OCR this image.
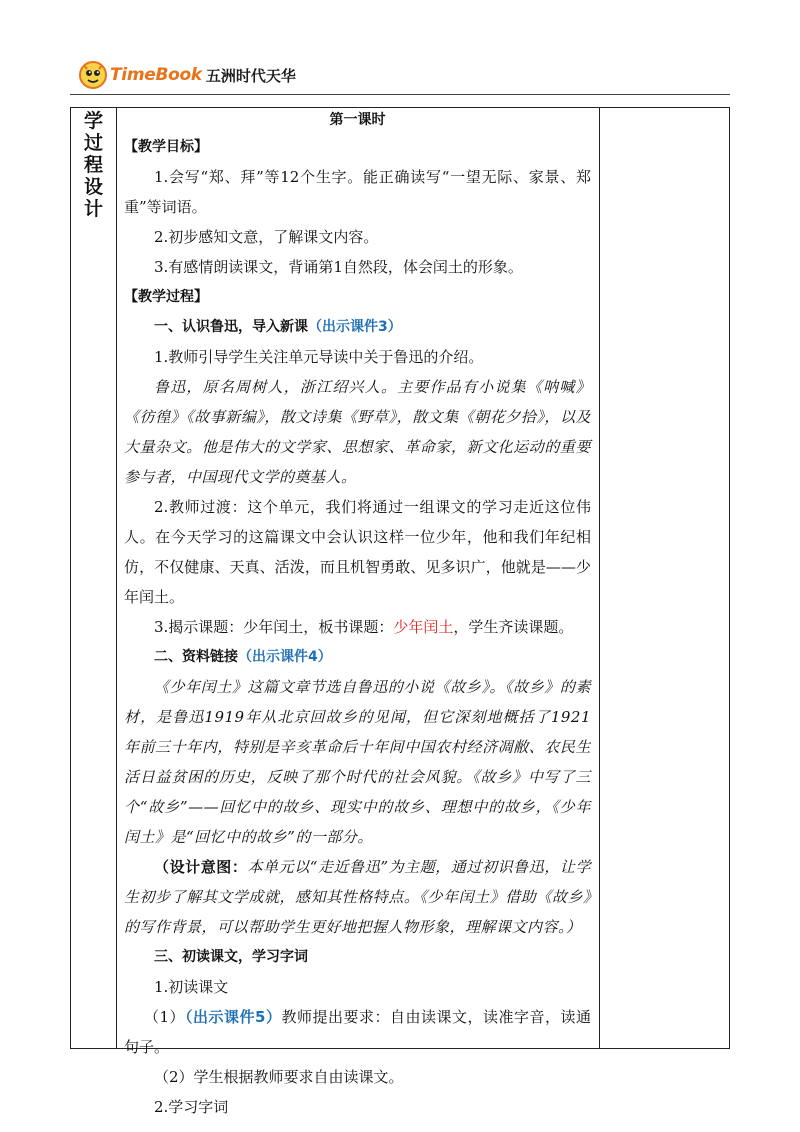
TimeBook 五洲时代天华
学
过
程
设
计

第一课时

【教学目标】

1.会写“郑、拜”等12个生字。能正确读写“一望无际、家景、郑重”等词语。

2.初步感知文意，了解课文内容。

3.有感情朗读课文，背诵第1自然段，体会闰土的形象。

【教学过程】

一、认识鲁迅，导入新课（出示课件3）

1.教师引导学生关注单元导读中关于鲁迅的介绍。

鲁迅，原名周树人，浙江绍兴人。主要作品有小说集《呐喊》《彷徨》《故事新编》，散文诗集《野草》，散文集《朝花夕拾》，以及大量杂文。他是伟大的文学家、思想家、革命家，新文化运动的重要参与者，中国现代文学的奠基人。

2.教师过渡：这个单元，我们将通过一组课文的学习走近这位伟人。在今天学习的这篇课文中会认识这样一位少年，他和我们年纪相仿，不仅健康、天真、活泼，而且机智勇敢、见多识广，他就是——少年闰土。

3.揭示课题：少年闰土，板书课题：少年闰土，学生齐读课题。

二、资料链接（出示课件4）

《少年闰土》这篇文章节选自鲁迅的小说《故乡》。《故乡》的素材，是鲁迅1919年从北京回故乡的见闻，但它深刻地概括了1921年前三十年内，特别是辛亥革命后十年间中国农村经济凋敝、农民生活日益贫困的历史，反映了那个时代的社会风貌。《故乡》中写了三个“故乡”——回忆中的故乡、现实中的故乡、理想中的故乡，《少年闰土》是“回忆中的故乡”的一部分。

（设计意图：本单元以“走近鲁迅”为主题，通过初识鲁迅，让学生初步了解其文学成就，感知其性格特点。《少年闰土》借助《故乡》的写作背景，可以帮助学生更好地把握人物形象，理解课文内容。）

三、初读课文，学习字词

1.初读课文

（1）（出示课件5）教师提出要求：自由读课文，读准字音，读通句子。

（2）学生根据教师要求自由读课文。

2.学习字词
